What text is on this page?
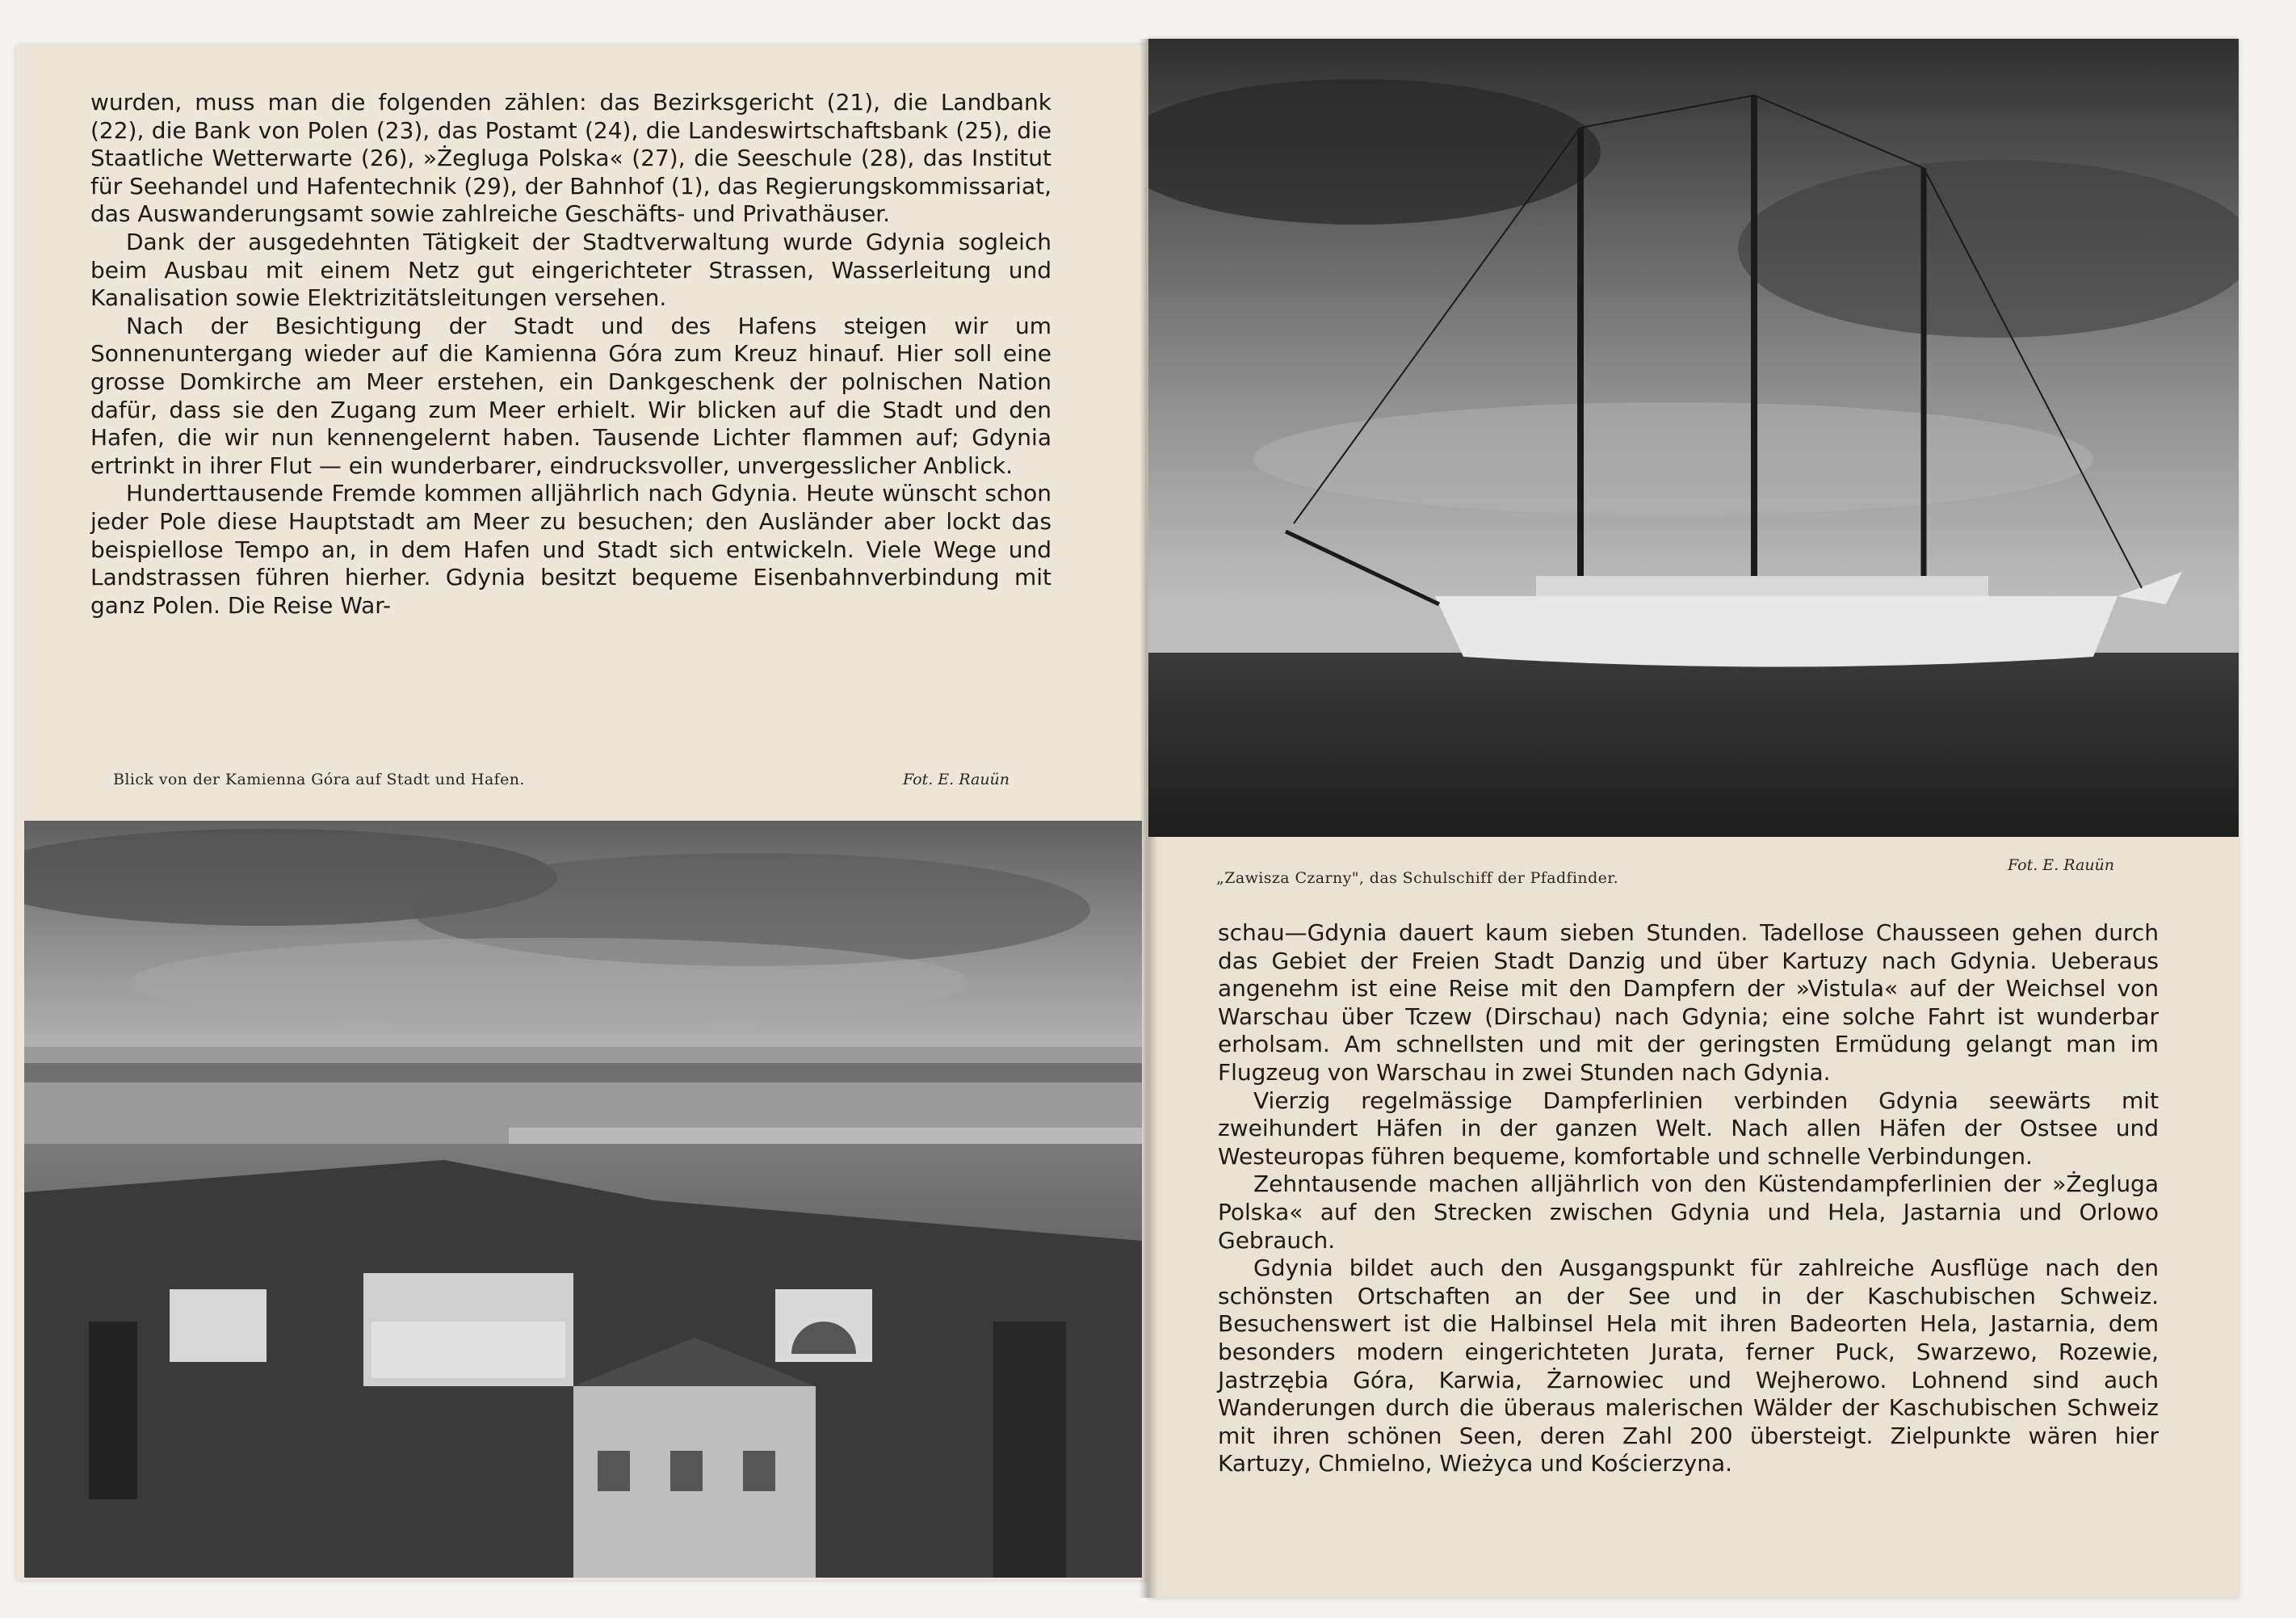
wurden, muss man die folgenden zählen: das Bezirksgericht (21), die Landbank (22), die Bank von Polen (23), das Postamt (24), die Landeswirtschaftsbank (25), die Staatliche Wetterwarte (26), »Żegluga Polska« (27), die Seeschule (28), das Institut für Seehandel und Hafentechnik (29), der Bahnhof (1), das Regierungskommissariat, das Auswanderungsamt sowie zahlreiche Geschäfts- und Privathäuser.

Dank der ausgedehnten Tätigkeit der Stadtverwaltung wurde Gdynia sogleich beim Ausbau mit einem Netz gut eingerichteter Strassen, Wasserleitung und Kanalisation sowie Elektrizitätsleitungen versehen.

Nach der Besichtigung der Stadt und des Hafens steigen wir um Sonnenuntergang wieder auf die Kamienna Góra zum Kreuz hinauf. Hier soll eine grosse Domkirche am Meer erstehen, ein Dankgeschenk der polnischen Nation dafür, dass sie den Zugang zum Meer erhielt. Wir blicken auf die Stadt und den Hafen, die wir nun kennengelernt haben. Tausende Lichter flammen auf; Gdynia ertrinkt in ihrer Flut — ein wunderbarer, eindrucksvoller, unvergesslicher Anblick.

Hunderttausende Fremde kommen alljährlich nach Gdynia. Heute wünscht schon jeder Pole diese Hauptstadt am Meer zu besuchen; den Ausländer aber lockt das beispiellose Tempo an, in dem Hafen und Stadt sich entwickeln. Viele Wege und Landstrassen führen hierher. Gdynia besitzt bequeme Eisenbahnverbindung mit ganz Polen. Die Reise War-

Blick von der Kamienna Góra auf Stadt und Hafen.	Fot. E. Rauün
„Zawisza Czarny", das Schulschiff der Pfadfinder.
Fot. E. Rauün

schau—Gdynia dauert kaum sieben Stunden. Tadellose Chausseen gehen durch das Gebiet der Freien Stadt Danzig und über Kartuzy nach Gdynia. Ueberaus angenehm ist eine Reise mit den Dampfern der »Vistula« auf der Weichsel von Warschau über Tczew (Dirschau) nach Gdynia; eine solche Fahrt ist wunderbar erholsam. Am schnellsten und mit der geringsten Ermüdung gelangt man im Flugzeug von Warschau in zwei Stunden nach Gdynia.

Vierzig regelmässige Dampferlinien verbinden Gdynia seewärts mit zweihundert Häfen in der ganzen Welt. Nach allen Häfen der Ostsee und Westeuropas führen bequeme, komfortable und schnelle Verbindungen.

Zehntausende machen alljährlich von den Küstendampferlinien der »Żegluga Polska« auf den Strecken zwischen Gdynia und Hela, Jastarnia und Orlowo Gebrauch.

Gdynia bildet auch den Ausgangspunkt für zahlreiche Ausflüge nach den schönsten Ortschaften an der See und in der Kaschubischen Schweiz. Besuchenswert ist die Halbinsel Hela mit ihren Badeorten Hela, Jastarnia, dem besonders modern eingerichteten Jurata, ferner Puck, Swarzewo, Rozewie, Jastrzębia Góra, Karwia, Żarnowiec und Wejherowo. Lohnend sind auch Wanderungen durch die überaus malerischen Wälder der Kaschubischen Schweiz mit ihren schönen Seen, deren Zahl 200 übersteigt. Zielpunkte wären hier Kartuzy, Chmielno, Wieżyca und Kościerzyna.
